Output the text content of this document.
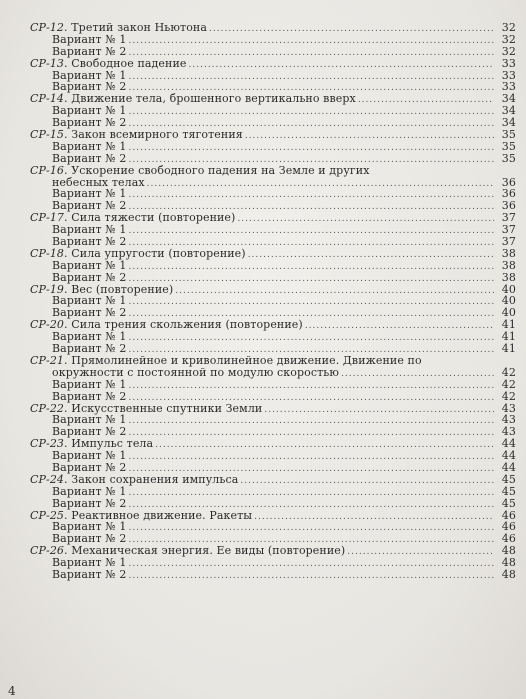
СР-12. Третий закон Ньютона .....	32
Вариант № 1 .....	32
Вариант № 2 .....	32
СР-13. Свободное падение .....	33
Вариант № 1 .....	33
Вариант № 2 .....	33
СР-14. Движение тела, брошенного вертикально вверх .....	34
Вариант № 1 .....	34
Вариант № 2 .....	34
СР-15. Закон всемирного тяготения .....	35
Вариант № 1 .....	35
Вариант № 2 .....	35
СР-16. Ускорение свободного падения на Земле и других
небесных телах .....	36
Вариант № 1 .....	36
Вариант № 2 .....	36
СР-17. Сила тяжести (повторение) .....	37
Вариант № 1 .....	37
Вариант № 2 .....	37
СР-18. Сила упругости (повторение) .....	38
Вариант № 1 .....	38
Вариант № 2 .....	38
СР-19. Вес (повторение) .....	40
Вариант № 1 .....	40
Вариант № 2 .....	40
СР-20. Сила трения скольжения (повторение) .....	41
Вариант № 1 .....	41
Вариант № 2 .....	41
СР-21. Прямолинейное и криволинейное движение. Движение по
окружности с постоянной по модулю скоростью .....	42
Вариант № 1 .....	42
Вариант № 2 .....	42
СР-22. Искусственные спутники Земли .....	43
Вариант № 1 .....	43
Вариант № 2 .....	43
СР-23. Импульс тела .....	44
Вариант № 1 .....	44
Вариант № 2 .....	44
СР-24. Закон сохранения импульса .....	45
Вариант № 1 .....	45
Вариант № 2 .....	45
СР-25. Реактивное движение. Ракеты .....	46
Вариант № 1 .....	46
Вариант № 2 .....	46
СР-26. Механическая энергия. Ее виды (повторение) .....	48
Вариант № 1 .....	48
Вариант № 2 .....	48
4
